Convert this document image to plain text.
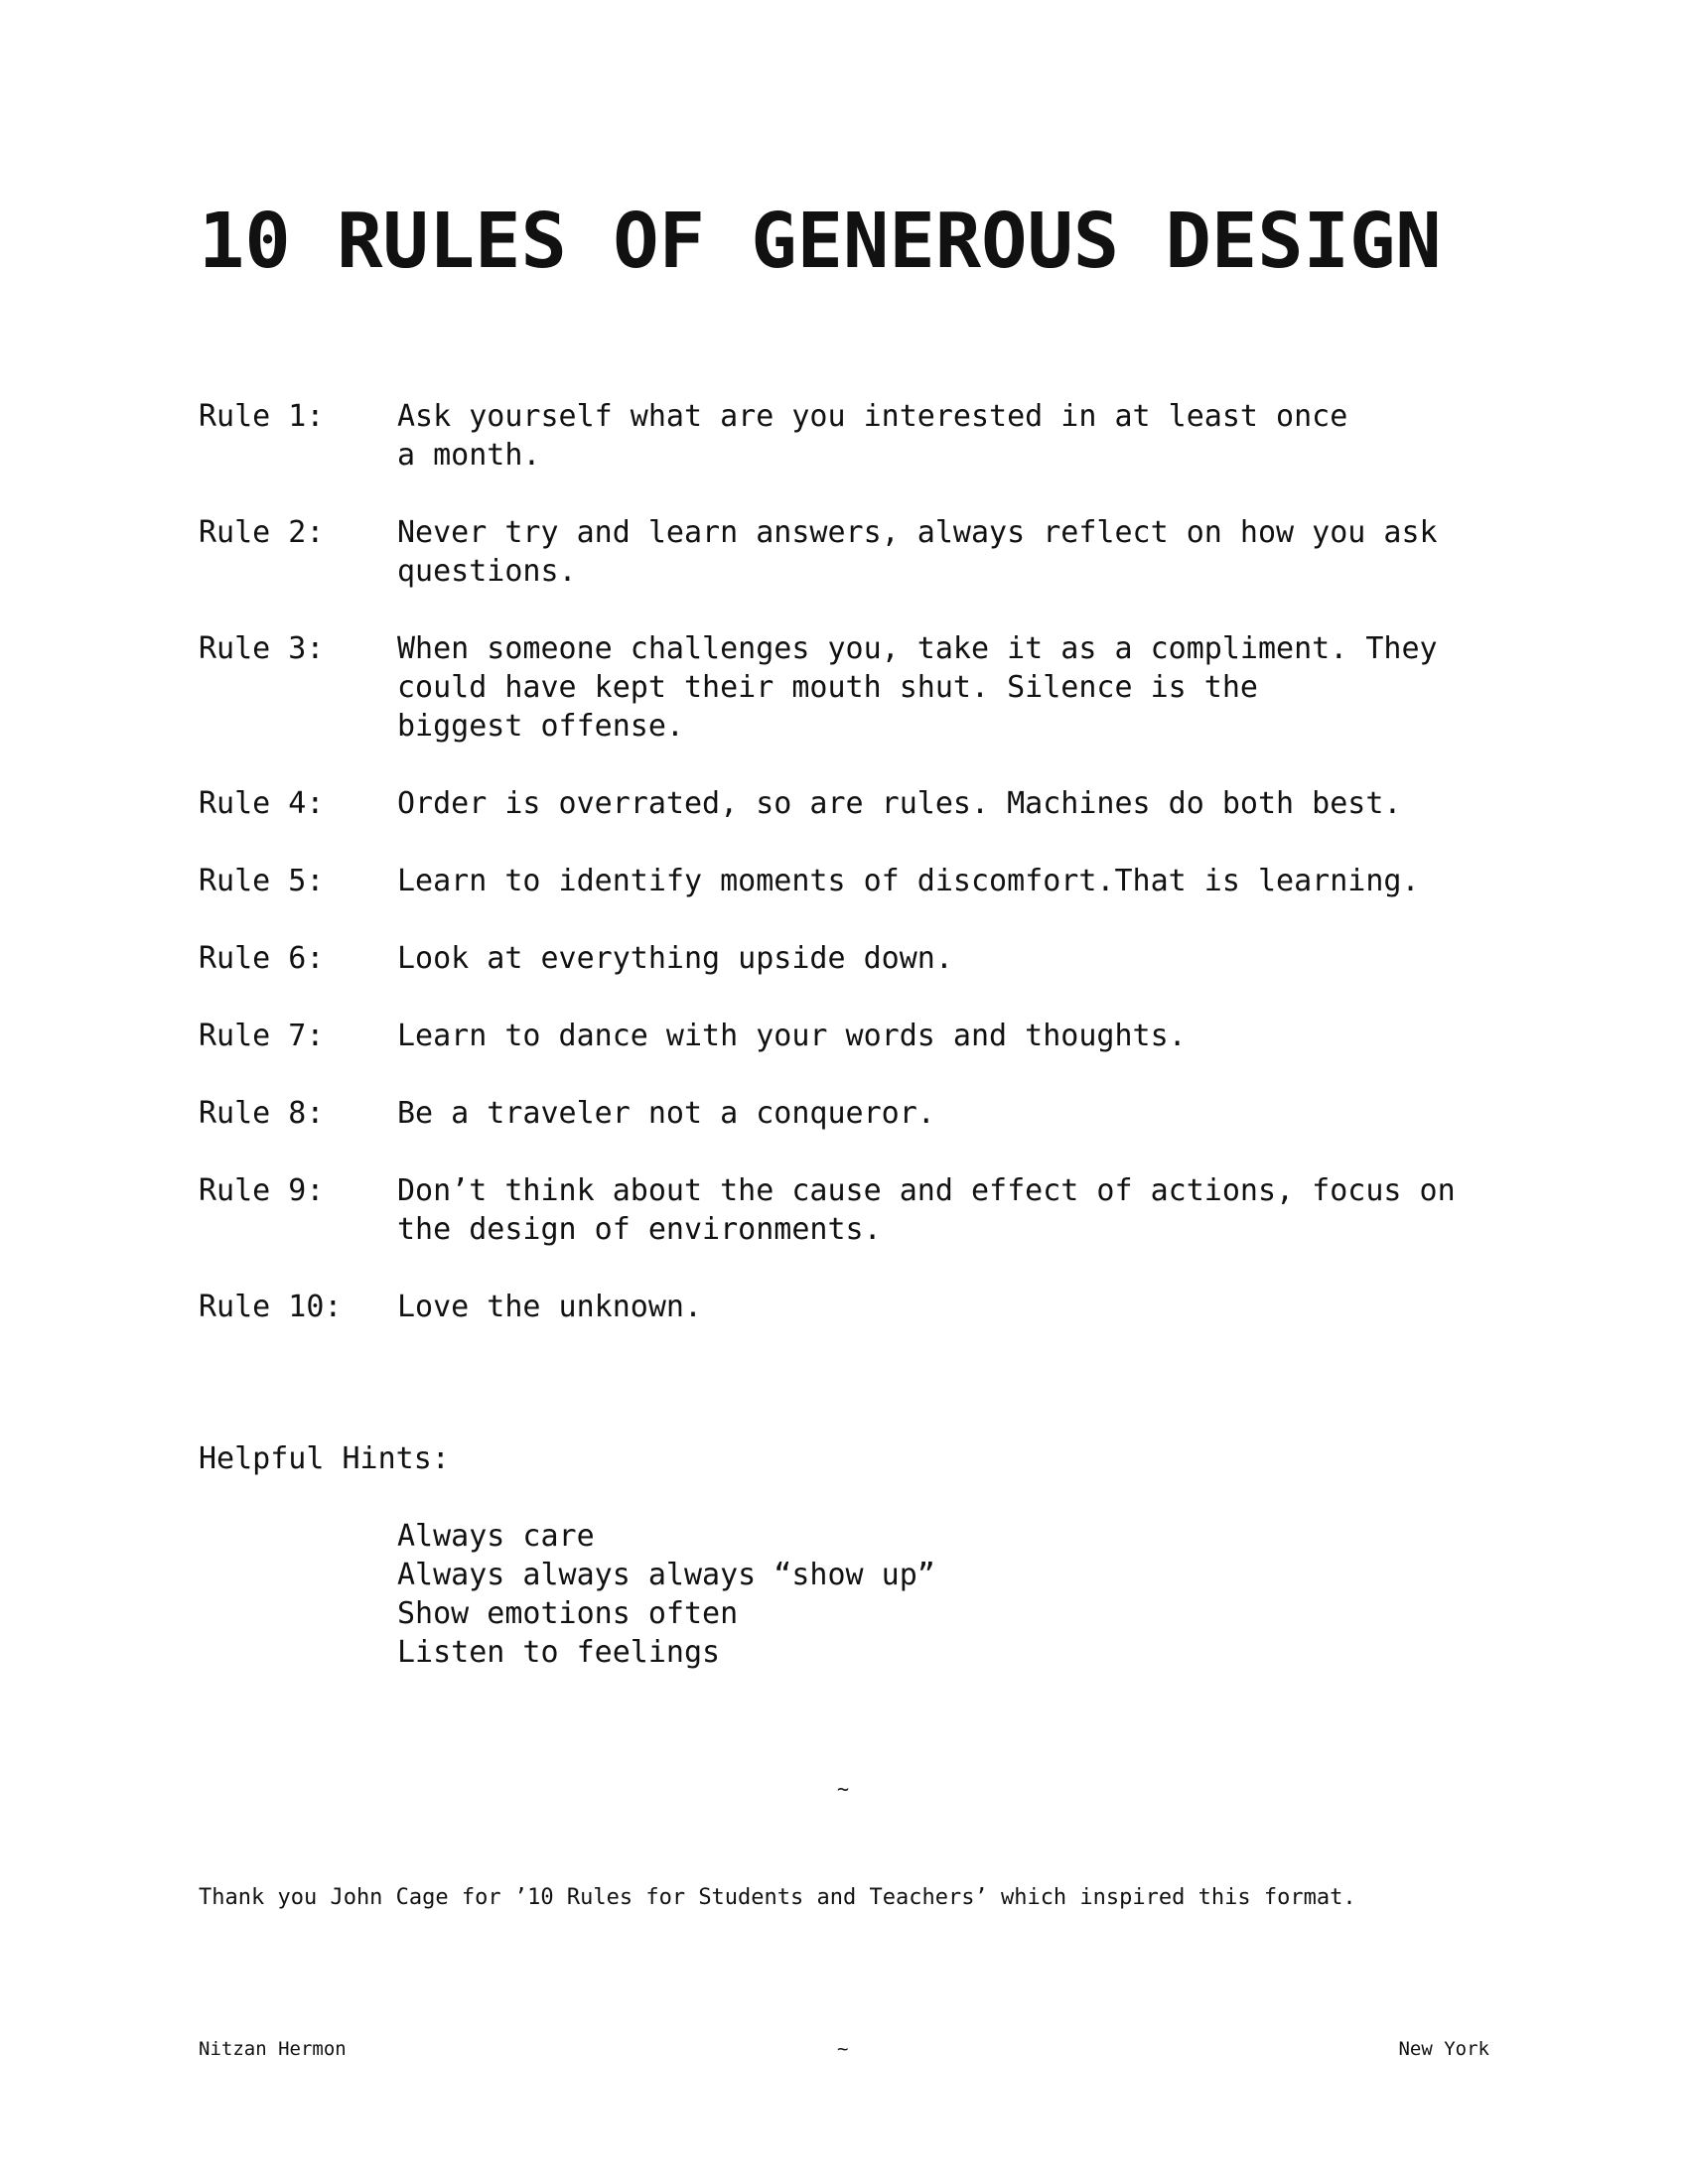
10 RULES OF GENEROUS DESIGN
Rule 1:	Ask yourself what are you interested in at least once
a month.
Rule 2:	Never try and learn answers, always reflect on how you ask
questions.
Rule 3:	When someone challenges you, take it as a compliment. They
could have kept their mouth shut. Silence is the
biggest offense.
Rule 4:	Order is overrated, so are rules. Machines do both best.
Rule 5:	Learn to identify moments of discomfort.That is learning.
Rule 6:	Look at everything upside down.
Rule 7:	Learn to dance with your words and thoughts.
Rule 8:	Be a traveler not a conqueror.
Rule 9:	Don’t think about the cause and effect of actions, focus on
the design of environments.
Rule 10:	Love the unknown.
Helpful Hints:
Always care
Always always always “show up”
Show emotions often
Listen to feelings
~
Thank you John Cage for ’10 Rules for Students and Teachers’ which inspired this format.
Nitzan Hermon	~	New York
